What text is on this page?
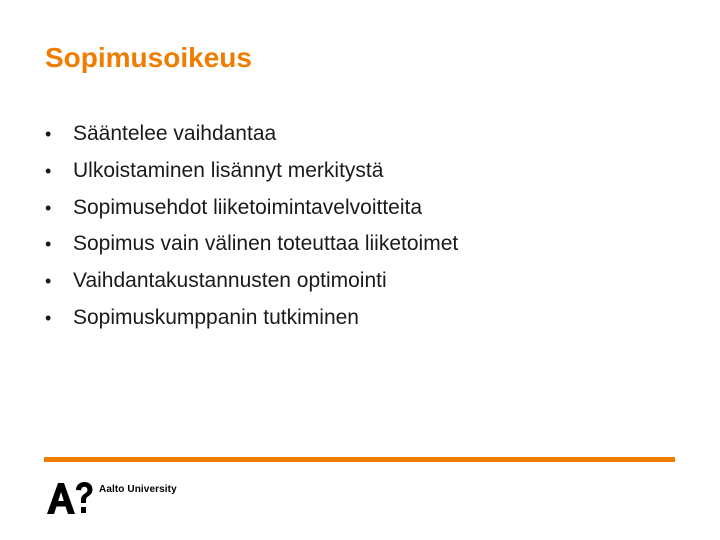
Sopimusoikeus
•	Sääntelee vaihdantaa
•	Ulkoistaminen lisännyt merkitystä
•	Sopimusehdot liiketoimintavelvoitteita
•	Sopimus vain välinen toteuttaa liiketoimet
•	Vaihdantakustannusten optimointi
•	Sopimuskumppanin tutkiminen
Aalto University
